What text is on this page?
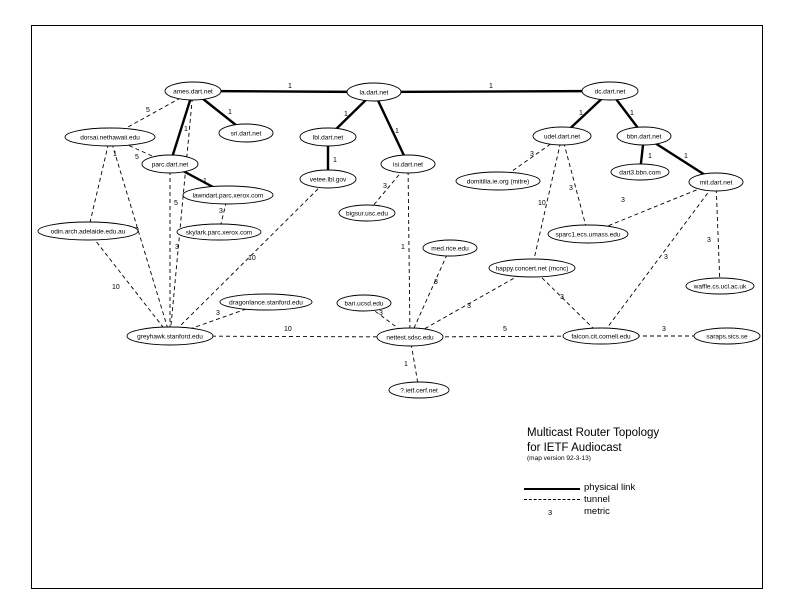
1	1
1
1
1
1
1
1
1	1
1	1
5
5
1
5
10
3
3
10
3
1
3
10
3
1
5	3
3
3
3
3
3
10	3
3
3
ames.dart.net	la.dart.net	dc.dart.net
dorsai.nethawaii.edu
sri.dart.net
parc.dart.net
lbl.dart.net
vetee.lbl.gov
isi.dart.net
udel.dart.net	bbn.dart.net
dart3.bbn.com
mit.dart.net
domitilia.ie.org (mitre)
lawndart.parc.xerox.com
bigsur.usc.edu
skylark.parc.xerox.com
odin.arch.adelaide.edu.au	sparc1.ecs.umass.edu
med.rice.edu
happy.concert.net (mcnc)
waffle.cs.ucl.ac.uk
dragonlance.stanford.edu	bari.ucsd.edu
greyhawk.stanford.edu	nettest.sdsc.edu	falcon.cit.cornell.edu	saraps.sics.se
?.ietf.cerf.net
Multicast Router Topology
for IETF Audiocast
(map version 92-3-13)
physical link
tunnel
3	metric
